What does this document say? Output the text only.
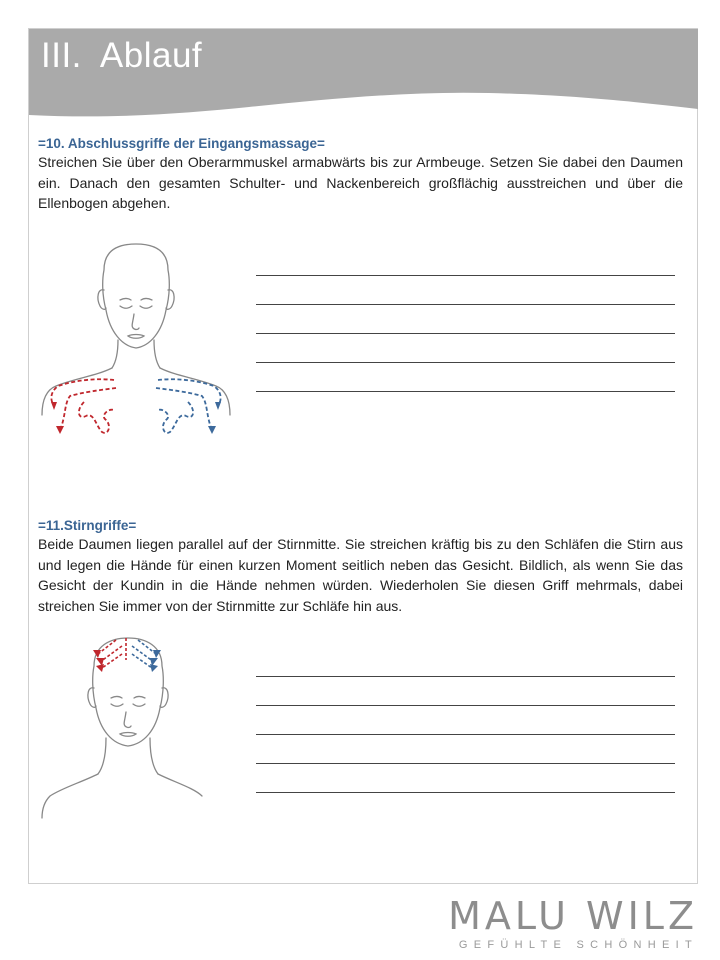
III. Ablauf

=10. Abschlussgriffe der Eingangsmassage=

Streichen Sie über den Oberarmmuskel armabwärts bis zur Armbeuge. Setzen Sie dabei den Daumen ein. Danach den gesamten Schulter- und Nackenbereich großflächig ausstreichen und über die Ellenbogen abgehen.

=11.Stirngriffe=

Beide Daumen liegen parallel auf der Stirnmitte. Sie streichen kräftig bis zu den Schläfen die Stirn aus und legen die Hände für einen kurzen Moment seitlich neben das Gesicht. Bildlich, als wenn Sie das Gesicht der Kundin in die Hände nehmen würden. Wiederholen Sie diesen Griff mehrmals, dabei streichen Sie immer von der Stirnmitte zur Schläfe hin aus.

MALU WILZ
GEFÜHLTE SCHÖNHEIT
